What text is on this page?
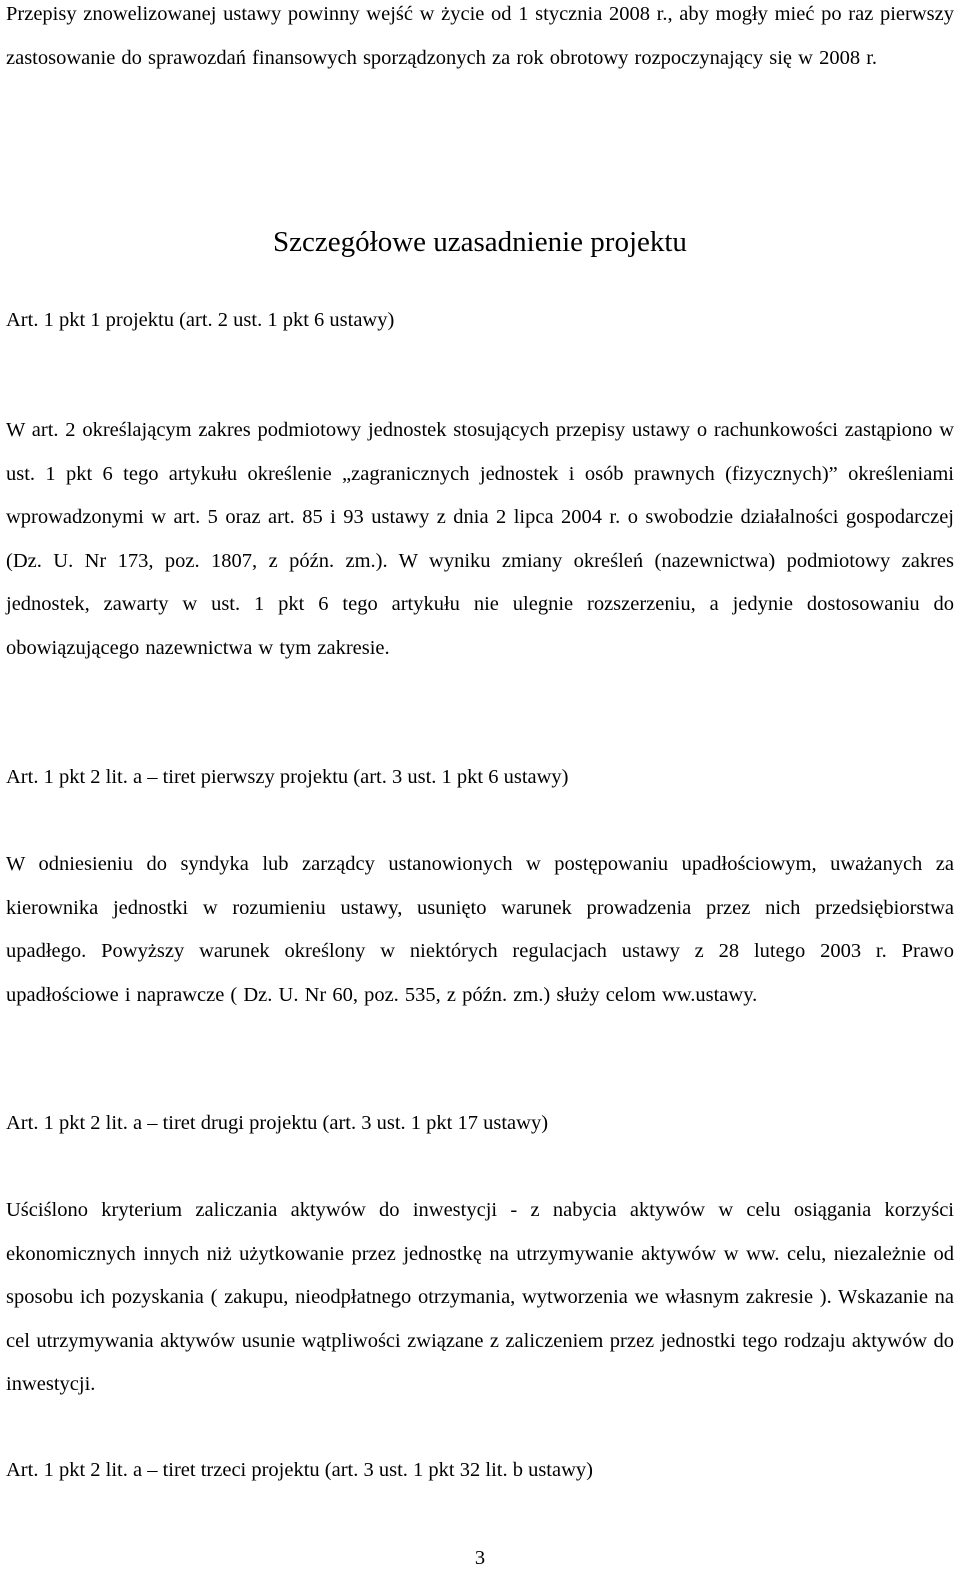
Przepisy znowelizowanej ustawy powinny wejść w życie od 1 stycznia 2008 r., aby mogły mieć po raz pierwszy zastosowanie do sprawozdań finansowych sporządzonych za rok obrotowy rozpoczynający się w 2008 r.

Szczegółowe uzasadnienie projektu
Art. 1 pkt 1 projektu (art. 2 ust. 1 pkt 6 ustawy)

W art. 2 określającym zakres podmiotowy jednostek stosujących przepisy ustawy o rachunkowości zastąpiono w ust. 1 pkt 6 tego artykułu określenie „zagranicznych jednostek i osób prawnych (fizycznych)” określeniami wprowadzonymi w art. 5 oraz art. 85 i 93 ustawy z dnia 2 lipca 2004 r. o swobodzie działalności gospodarczej (Dz. U. Nr 173, poz. 1807, z późn. zm.). W wyniku zmiany określeń (nazewnictwa) podmiotowy zakres jednostek, zawarty w ust. 1 pkt 6 tego artykułu nie ulegnie rozszerzeniu, a jedynie dostosowaniu do obowiązującego nazewnictwa w tym zakresie.

Art. 1 pkt 2 lit. a – tiret pierwszy projektu (art. 3 ust. 1 pkt 6 ustawy)

W odniesieniu do syndyka lub zarządcy ustanowionych w postępowaniu upadłościowym, uważanych za kierownika jednostki w rozumieniu ustawy, usunięto warunek prowadzenia przez nich przedsiębiorstwa upadłego. Powyższy warunek określony w niektórych regulacjach ustawy z 28 lutego 2003 r. Prawo upadłościowe i naprawcze ( Dz. U. Nr 60, poz. 535, z późn. zm.) służy celom ww.ustawy.

Art. 1 pkt 2 lit. a – tiret drugi projektu (art. 3 ust. 1 pkt 17 ustawy)

Uściślono kryterium zaliczania aktywów do inwestycji - z nabycia aktywów w celu osiągania korzyści ekonomicznych innych niż użytkowanie przez jednostkę na utrzymywanie aktywów w ww. celu, niezależnie od sposobu ich pozyskania ( zakupu, nieodpłatnego otrzymania, wytworzenia we własnym zakresie ). Wskazanie na cel utrzymywania aktywów usunie wątpliwości związane z zaliczeniem przez jednostki tego rodzaju aktywów do inwestycji.

Art. 1 pkt 2 lit. a – tiret trzeci projektu (art. 3 ust. 1 pkt 32 lit. b ustawy)
3
